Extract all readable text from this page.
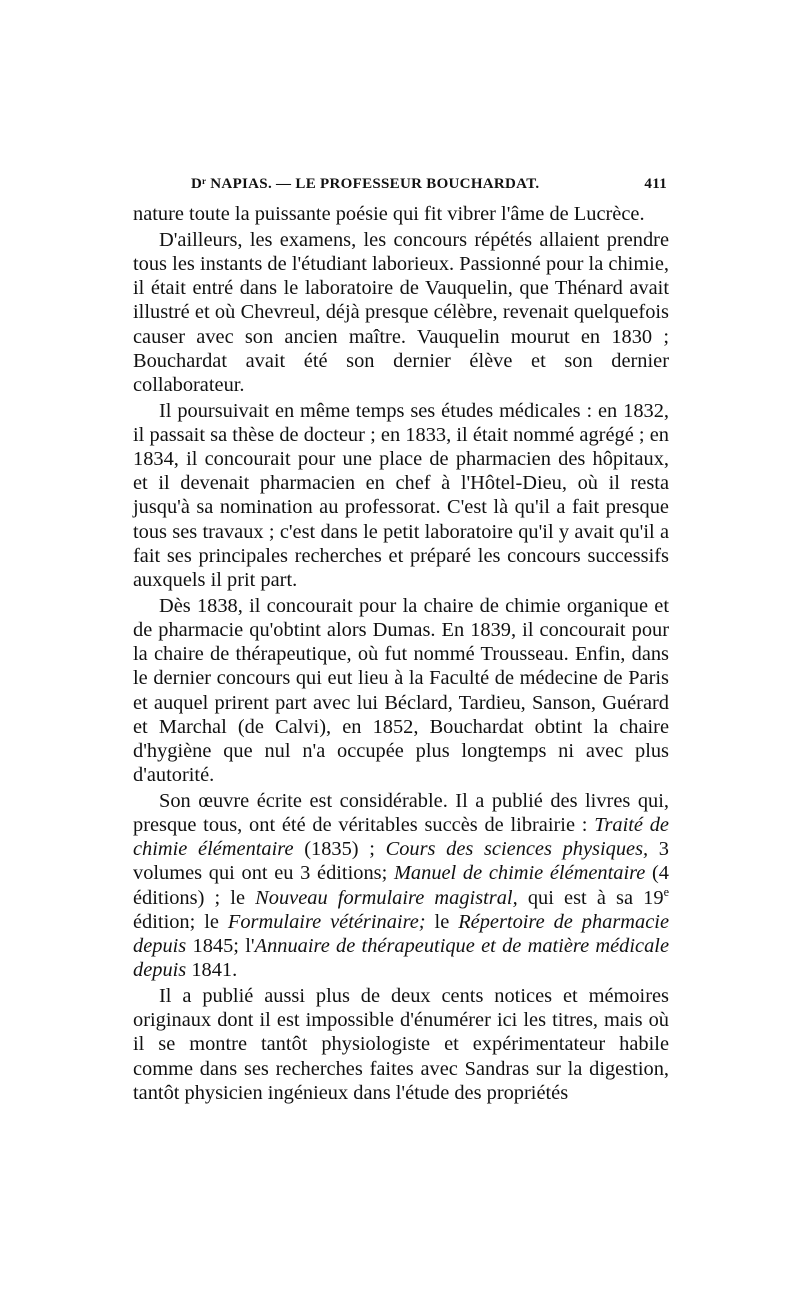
Dʳ NAPIAS. — LE PROFESSEUR BOUCHARDAT.	411

nature toute la puissante poésie qui fit vibrer l'âme de Lucrèce.

D'ailleurs, les examens, les concours répétés allaient prendre tous les instants de l'étudiant laborieux. Passionné pour la chimie, il était entré dans le laboratoire de Vauquelin, que Thénard avait illustré et où Chevreul, déjà presque célèbre, revenait quelquefois causer avec son ancien maître. Vauquelin mourut en 1830 ; Bouchardat avait été son dernier élève et son dernier collaborateur.

Il poursuivait en même temps ses études médicales : en 1832, il passait sa thèse de docteur ; en 1833, il était nommé agrégé ; en 1834, il concourait pour une place de pharmacien des hôpitaux, et il devenait pharmacien en chef à l'Hôtel-Dieu, où il resta jusqu'à sa nomination au professorat. C'est là qu'il a fait presque tous ses travaux ; c'est dans le petit laboratoire qu'il y avait qu'il a fait ses principales recherches et préparé les concours successifs auxquels il prit part.

Dès 1838, il concourait pour la chaire de chimie organique et de pharmacie qu'obtint alors Dumas. En 1839, il concourait pour la chaire de thérapeutique, où fut nommé Trousseau. Enfin, dans le dernier concours qui eut lieu à la Faculté de médecine de Paris et auquel prirent part avec lui Béclard, Tardieu, Sanson, Guérard et Marchal (de Calvi), en 1852, Bouchardat obtint la chaire d'hygiène que nul n'a occupée plus longtemps ni avec plus d'autorité.

Son œuvre écrite est considérable. Il a publié des livres qui, presque tous, ont été de véritables succès de librairie : Traité de chimie élémentaire (1835) ; Cours des sciences physiques, 3 volumes qui ont eu 3 éditions; Manuel de chimie élémentaire (4 éditions) ; le Nouveau formulaire magistral, qui est à sa 19e édition; le Formulaire vétérinaire; le Répertoire de pharmacie depuis 1845; l'Annuaire de thérapeutique et de matière médicale depuis 1841.

Il a publié aussi plus de deux cents notices et mémoires originaux dont il est impossible d'énumérer ici les titres, mais où il se montre tantôt physiologiste et expérimentateur habile comme dans ses recherches faites avec Sandras sur la digestion, tantôt physicien ingénieux dans l'étude des propriétés
